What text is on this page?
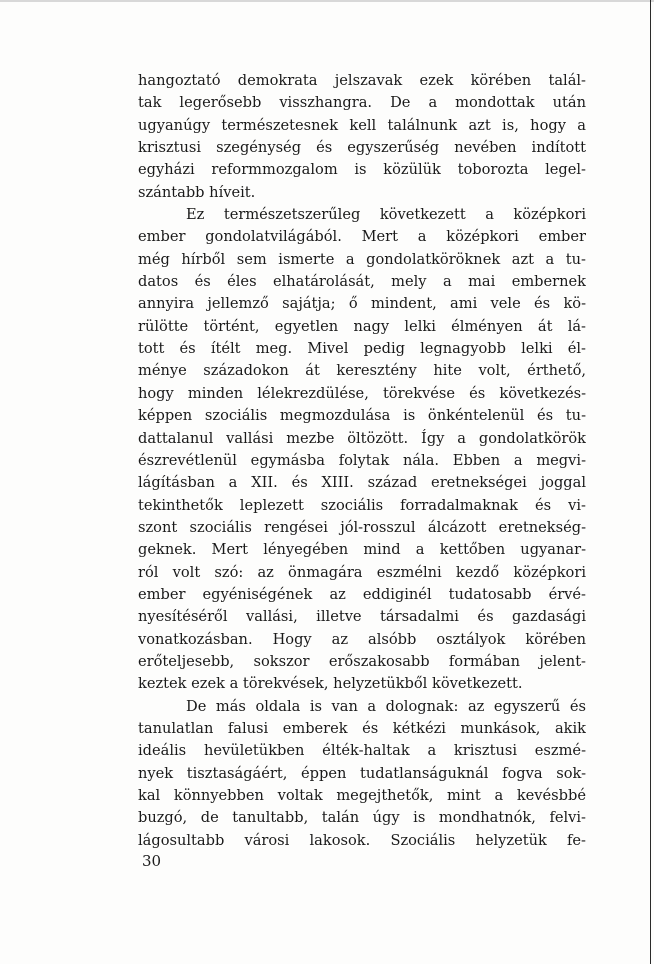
hangoztató demokrata jelszavak ezek körében talál-
tak legerősebb visszhangra. De a mondottak után
ugyanúgy természetesnek kell találnunk azt is, hogy a
krisztusi szegénység és egyszerűség nevében indított
egyházi reformmozgalom is közülük toborozta legel-
szántabb híveit.
Ez természetszerűleg következett a középkori
ember gondolatvilágából. Mert a középkori ember
még hírből sem ismerte a gondolatköröknek azt a tu-
datos és éles elhatárolását, mely a mai embernek
annyira jellemző sajátja; ő mindent, ami vele és kö-
rülötte történt, egyetlen nagy lelki élményen át lá-
tott és ítélt meg. Mivel pedig legnagyobb lelki él-
ménye századokon át keresztény hite volt, érthető,
hogy minden lélekrezdülése, törekvése és következés-
képpen szociális megmozdulása is önkéntelenül és tu-
dattalanul vallási mezbe öltözött. Így a gondolatkörök
észrevétlenül egymásba folytak nála. Ebben a megvi-
lágításban a XII. és XIII. század eretnekségei joggal
tekinthetők leplezett szociális forradalmaknak és vi-
szont szociális rengései jól-rosszul álcázott eretnekség-
geknek. Mert lényegében mind a kettőben ugyanar-
ról volt szó: az önmagára eszmélni kezdő középkori
ember egyéniségének az eddiginél tudatosabb érvé-
nyesítéséről vallási, illetve társadalmi és gazdasági
vonatkozásban. Hogy az alsóbb osztályok körében
erőteljesebb, sokszor erőszakosabb formában jelent-
keztek ezek a törekvések, helyzetükből következett.
De más oldala is van a dolognak: az egyszerű és
tanulatlan falusi emberek és kétkézi munkások, akik
ideális hevületükben élték-haltak a krisztusi eszmé-
nyek tisztaságáért, éppen tudatlanságuknál fogva sok-
kal könnyebben voltak megejthetők, mint a kevésbbé
buzgó, de tanultabb, talán úgy is mondhatnók, felvi-
lágosultabb városi lakosok. Szociális helyzetük fe-
30
